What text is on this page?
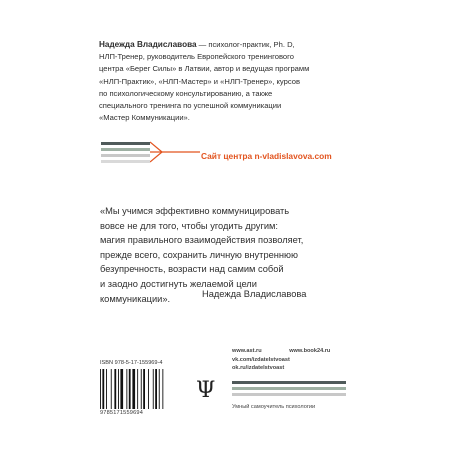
Надежда Владиславова — психолог-практик, Ph. D,
НЛП-Тренер, руководитель Европейского тренингового
центра «Берег Силы» в Латвии, автор и ведущая программ
«НЛП-Практик», «НЛП-Мастер» и «НЛП-Тренер», курсов
по психологическому консультированию, а также
специального тренинга по успешной коммуникации
«Мастер Коммуникации».
Сайт центра n-vladislavova.com
«Мы учимся эффективно коммуницировать
вовсе не для того, чтобы угодить другим:
магия правильного взаимодействия позволяет,
прежде всего, сохранить личную внутреннюю
безупречность, возрасти над самим собой
и заодно достигнуть желаемой цели
коммуникации».	Надежда Владиславова
www.ast.ru	www.book24.ru
vk.com/izdatelstvoast
ok.ru/izdatelstvoast
ISBN 978-5-17-155969-4
9785171559694
Ψ
Умный самоучитель психологии
